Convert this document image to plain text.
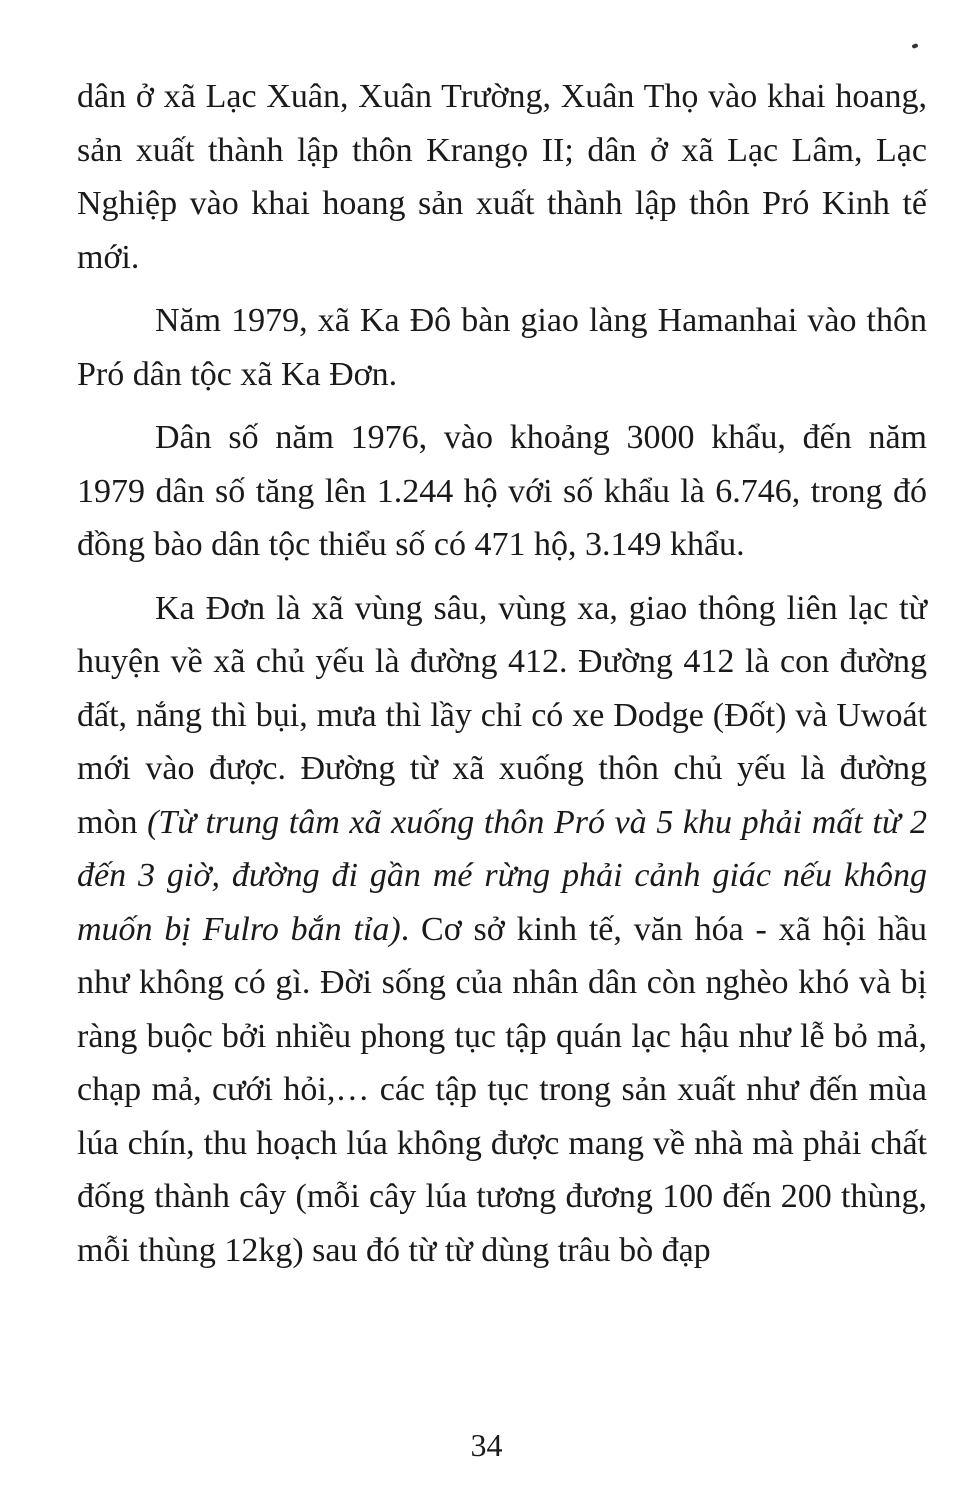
dân ở xã Lạc Xuân, Xuân Trường, Xuân Thọ vào khai hoang, sản xuất thành lập thôn Krangọ II; dân ở xã Lạc Lâm, Lạc Nghiệp vào khai hoang sản xuất thành lập thôn Pró Kinh tế mới.

Năm 1979, xã Ka Đô bàn giao làng Hamanhai vào thôn Pró dân tộc xã Ka Đơn.

Dân số năm 1976, vào khoảng 3000 khẩu, đến năm 1979 dân số tăng lên 1.244 hộ với số khẩu là 6.746, trong đó đồng bào dân tộc thiểu số có 471 hộ, 3.149 khẩu.

Ka Đơn là xã vùng sâu, vùng xa, giao thông liên lạc từ huyện về xã chủ yếu là đường 412. Đường 412 là con đường đất, nắng thì bụi, mưa thì lầy chỉ có xe Dodge (Đốt) và Uwoát mới vào được. Đường từ xã xuống thôn chủ yếu là đường mòn (Từ trung tâm xã xuống thôn Pró và 5 khu phải mất từ 2 đến 3 giờ, đường đi gần mé rừng phải cảnh giác nếu không muốn bị Fulro bắn tỉa). Cơ sở kinh tế, văn hóa - xã hội hầu như không có gì. Đời sống của nhân dân còn nghèo khó và bị ràng buộc bởi nhiều phong tục tập quán lạc hậu như lễ bỏ mả, chạp mả, cưới hỏi,… các tập tục trong sản xuất như đến mùa lúa chín, thu hoạch lúa không được mang về nhà mà phải chất đống thành cây (mỗi cây lúa tương đương 100 đến 200 thùng, mỗi thùng 12kg) sau đó từ từ dùng trâu bò đạp

34
